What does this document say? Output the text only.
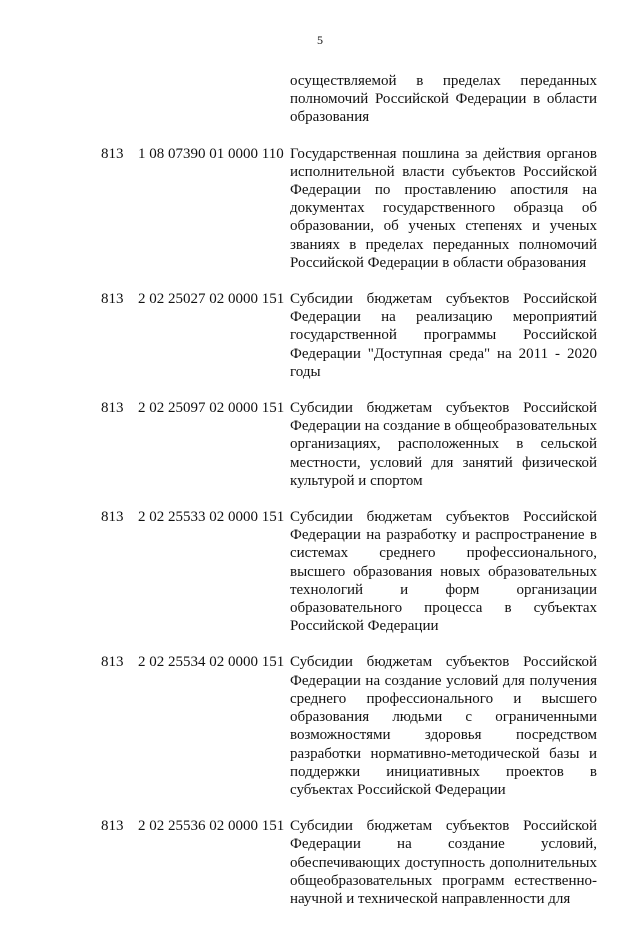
5
осуществляемой в пределах переданных полномочий Российской Федерации в области образования
813 1 08 07390 01 0000 110 Государственная пошлина за действия органов исполнительной власти субъектов Российской Федерации по проставлению апостиля на документах государственного образца об образовании, об ученых степенях и ученых званиях в пределах переданных полномочий Российской Федерации в области образования
813 2 02 25027 02 0000 151 Субсидии бюджетам субъектов Российской Федерации на реализацию мероприятий государственной программы Российской Федерации "Доступная среда" на 2011 - 2020 годы
813 2 02 25097 02 0000 151 Субсидии бюджетам субъектов Российской Федерации на создание в общеобразовательных организациях, расположенных в сельской местности, условий для занятий физической культурой и спортом
813 2 02 25533 02 0000 151 Субсидии бюджетам субъектов Российской Федерации на разработку и распространение в системах среднего профессионального, высшего образования новых образовательных технологий и форм организации образовательного процесса в субъектах Российской Федерации
813 2 02 25534 02 0000 151 Субсидии бюджетам субъектов Российской Федерации на создание условий для получения среднего профессионального и высшего образования людьми с ограниченными возможностями здоровья посредством разработки нормативно-методической базы и поддержки инициативных проектов в субъектах Российской Федерации
813 2 02 25536 02 0000 151 Субсидии бюджетам субъектов Российской Федерации на создание условий, обеспечивающих доступность дополнительных общеобразовательных программ естественно-научной и технической направленности для
